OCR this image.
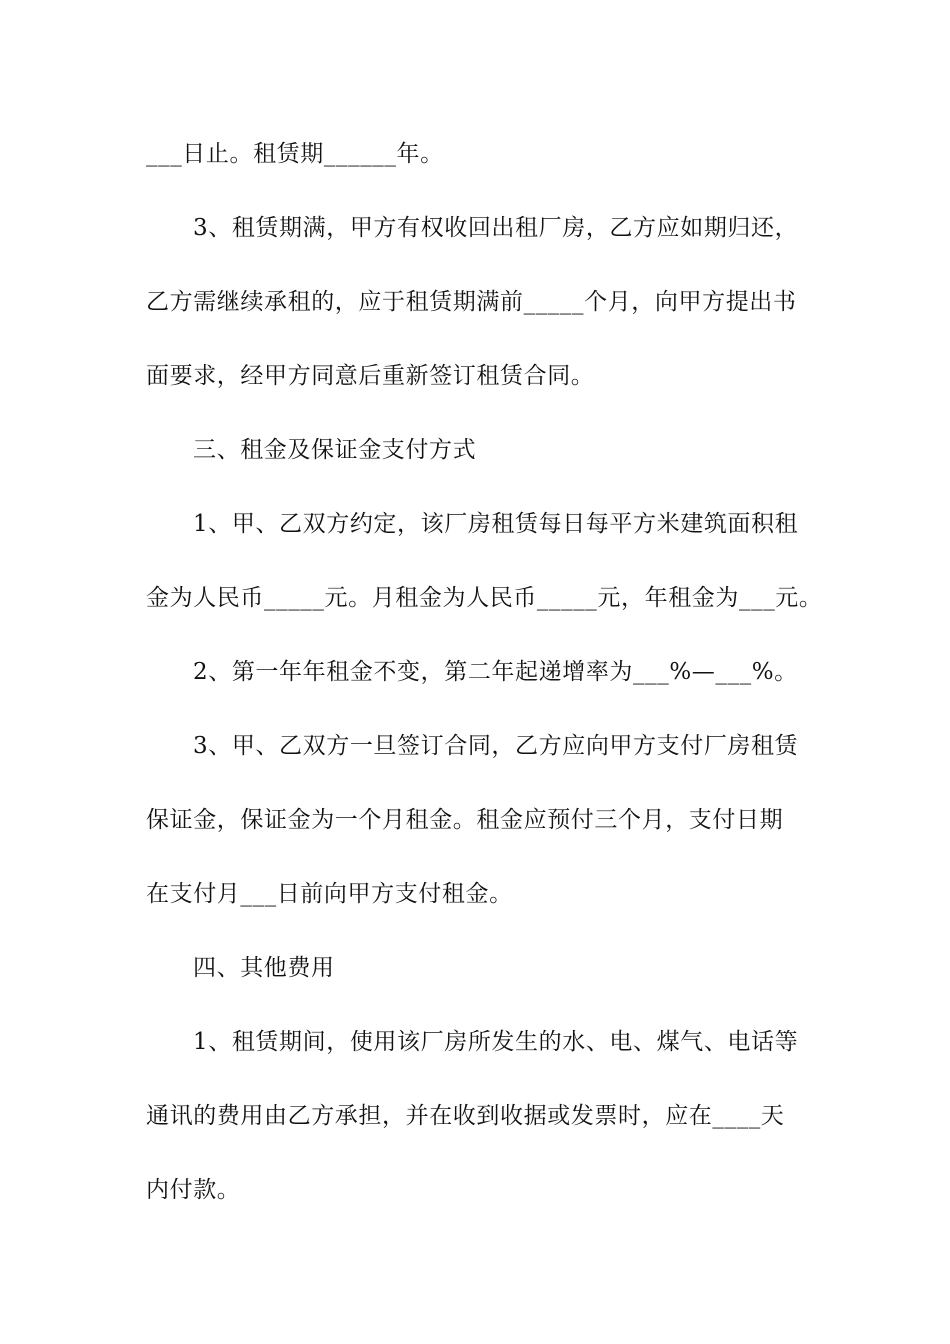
___日止。租赁期______年。
3、租赁期满，甲方有权收回出租厂房，乙方应如期归还，
乙方需继续承租的，应于租赁期满前_____个月，向甲方提出书
面要求，经甲方同意后重新签订租赁合同。
三、租金及保证金支付方式
1、甲、乙双方约定，该厂房租赁每日每平方米建筑面积租
金为人民币_____元。月租金为人民币_____元，年租金为___元。
2、第一年年租金不变，第二年起递增率为___%—___%。
3、甲、乙双方一旦签订合同，乙方应向甲方支付厂房租赁
保证金，保证金为一个月租金。租金应预付三个月，支付日期
在支付月___日前向甲方支付租金。
四、其他费用
1、租赁期间，使用该厂房所发生的水、电、煤气、电话等
通讯的费用由乙方承担，并在收到收据或发票时，应在____天
内付款。
